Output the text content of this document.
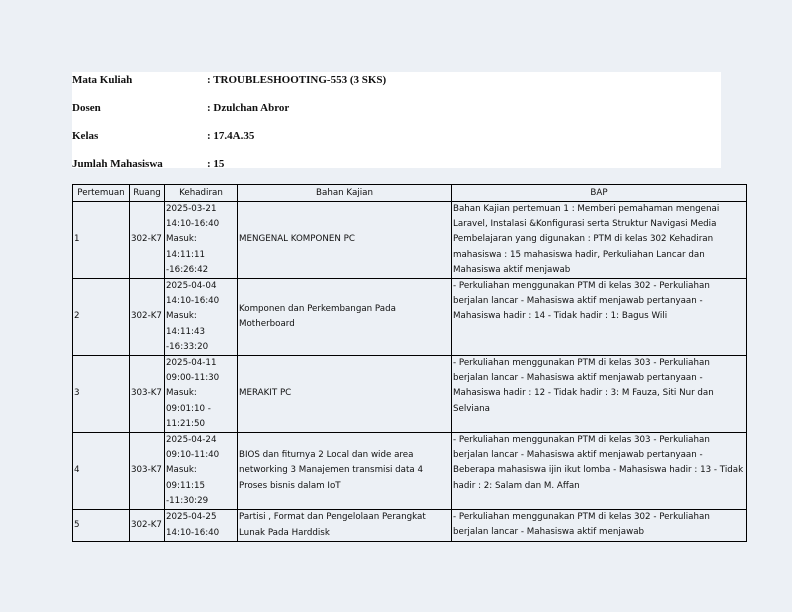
Mata Kuliah	: TROUBLESHOOTING-553 (3 SKS)
Dosen	: Dzulchan Abror
Kelas	: 17.4A.35
Jumlah Mahasiswa	: 15
Pertemuan	Ruang	Kehadiran	Bahan Kajian	BAP
1	302-K7	2025-03-21 14:10-16:40 Masuk: 14:11:11 -16:26:42	MENGENAL KOMPONEN PC	Bahan Kajian pertemuan 1 : Memberi pemahaman mengenai Laravel, Instalasi &Konfigurasi serta Struktur Navigasi Media Pembelajaran yang digunakan : PTM di kelas 302 Kehadiran mahasiswa : 15 mahasiswa hadir, Perkuliahan Lancar dan Mahasiswa aktif menjawab
2	302-K7	2025-04-04 14:10-16:40 Masuk: 14:11:43 -16:33:20	Komponen dan Perkembangan Pada Motherboard	- Perkuliahan menggunakan PTM di kelas 302 - Perkuliahan berjalan lancar - Mahasiswa aktif menjawab pertanyaan - Mahasiswa hadir : 14 - Tidak hadir : 1: Bagus Wili
3	303-K7	2025-04-11 09:00-11:30 Masuk: 09:01:10 - 11:21:50	MERAKIT PC	- Perkuliahan menggunakan PTM di kelas 303 - Perkuliahan berjalan lancar - Mahasiswa aktif menjawab pertanyaan - Mahasiswa hadir : 12 - Tidak hadir : 3: M Fauza, Siti Nur dan Selviana
4	303-K7	2025-04-24 09:10-11:40 Masuk: 09:11:15 -11:30:29	BIOS dan fiturnya 2 Local dan wide area networking 3 Manajemen transmisi data 4 Proses bisnis dalam IoT	- Perkuliahan menggunakan PTM di kelas 303 - Perkuliahan berjalan lancar - Mahasiswa aktif menjawab pertanyaan - Beberapa mahasiswa ijin ikut lomba - Mahasiswa hadir : 13 - Tidak hadir : 2: Salam dan M. Affan
5	302-K7	2025-04-25 14:10-16:40	Partisi , Format dan Pengelolaan Perangkat Lunak Pada Harddisk	- Perkuliahan menggunakan PTM di kelas 302 - Perkuliahan berjalan lancar - Mahasiswa aktif menjawab
